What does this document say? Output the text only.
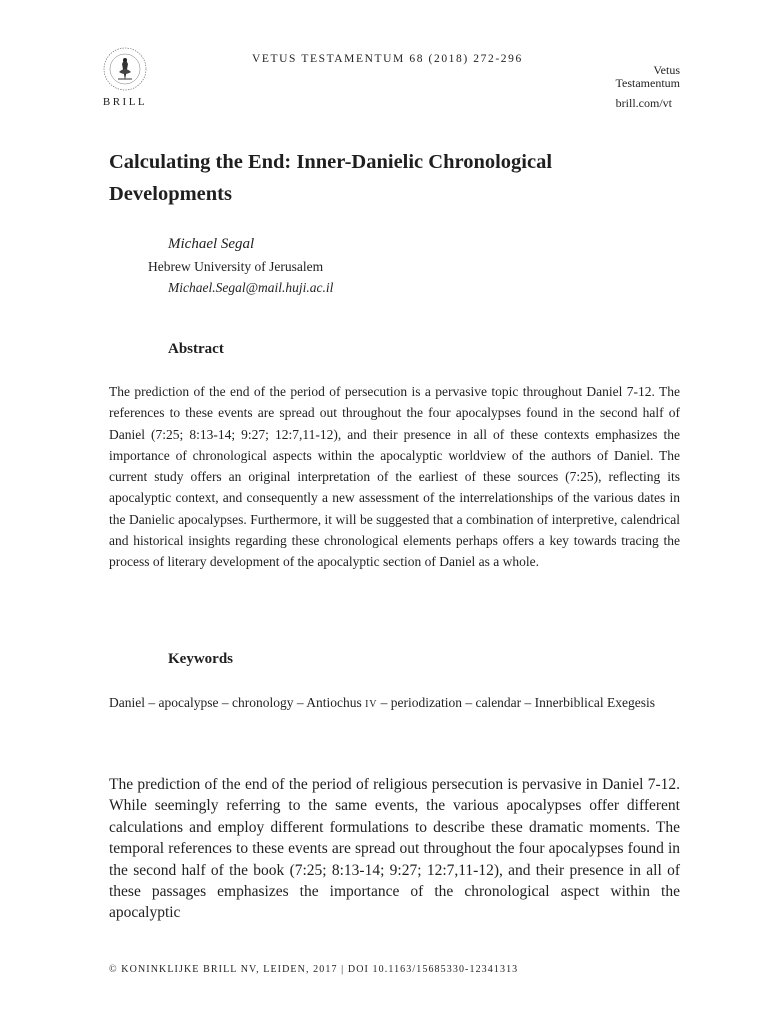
BRILL
VETUS TESTAMENTUM 68 (2018) 272-296
Vetus
Testamentum
brill.com/vt
Calculating the End: Inner-Danielic Chronological
Developments
Michael Segal
Hebrew University of Jerusalem
Michael.Segal@mail.huji.ac.il
Abstract
The prediction of the end of the period of persecution is a pervasive topic throughout Daniel 7-12. The references to these events are spread out throughout the four apocalypses found in the second half of Daniel (7:25; 8:13-14; 9:27; 12:7,11-12), and their presence in all of these contexts emphasizes the importance of chronological aspects within the apocalyptic worldview of the authors of Daniel. The current study offers an original interpretation of the earliest of these sources (7:25), reflecting its apocalyptic context, and consequently a new assessment of the interrelationships of the various dates in the Danielic apocalypses. Furthermore, it will be suggested that a combination of interpretive, calendrical and historical insights regarding these chronological elements perhaps offers a key towards tracing the process of literary development of the apocalyptic section of Daniel as a whole.
Keywords
Daniel – apocalypse – chronology – Antiochus IV – periodization – calendar – Innerbiblical Exegesis
The prediction of the end of the period of religious persecution is pervasive in Daniel 7-12. While seemingly referring to the same events, the various apocalypses offer different calculations and employ different formulations to describe these dramatic moments. The temporal references to these events are spread out throughout the four apocalypses found in the second half of the book (7:25; 8:13-14; 9:27; 12:7,11-12), and their presence in all of these passages emphasizes the importance of the chronological aspect within the apocalyptic
© KONINKLIJKE BRILL NV, LEIDEN, 2017 | DOI 10.1163/15685330-12341313
